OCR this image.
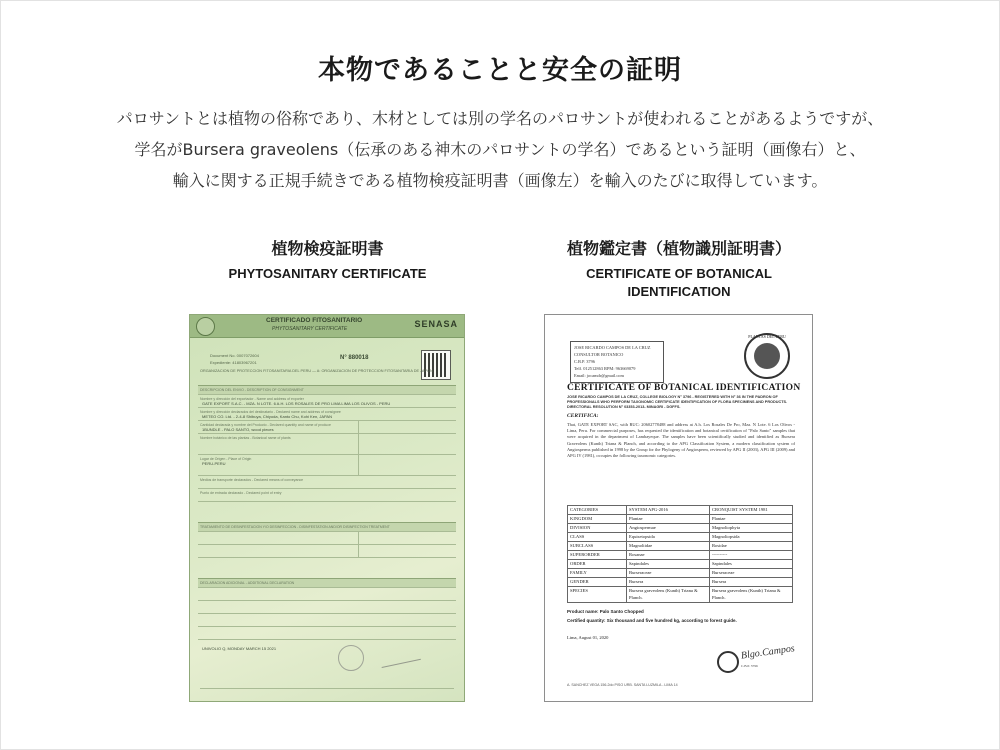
本物であることと安全の証明
パロサントとは植物の俗称であり、木材としては別の学名のパロサントが使われることがあるようですが、
学名がBursera graveolens（伝承のある神木のパロサントの学名）であるという証明（画像右）と、
輸入に関する正規手続きである植物検疫証明書（画像左）を輸入のたびに取得しています。
植物検疫証明書
PHYTOSANITARY CERTIFICATE
植物鑑定書（植物識別証明書）
CERTIFICATE OF BOTANICAL IDENTIFICATION
CERTIFICADO FITOSANITARIO
PHYTOSANITARY CERTIFICATE	SENASA
Document No. 0007072604
Expediente: 41803967201
N° 880018
ORGANIZACION DE PROTECCION FITOSANITARIA DEL PERU — A: ORGANIZACION DE PROTECCION FITOSANITARIA DE JAPON
DESCRIPCION DEL ENVIO - DESCRIPTION OF CONSIGNMENT
Nombre y dirección del exportador - Name and address of exporter
GATE EXPORT S.A.C. - MZA. N LOTE. 6 A.H. LOS ROSALES DE PRO LIMA LIMA LOS OLIVOS - PERU
Nombre y dirección declarados del destinatario - Declared name and address of consignee
METEO CO. Ltd. - 2-4-8 Shibuya, Chiyoda, Kanto Chu, Kohi Ken, JAPAN
Cantidad declarada y nombre del Producto - Declared quantity and name of produce
1BUNDLE - PALO SANTO, wood pieces
Nombre botánico de las plantas - Botanical name of plants
Lugar de Origen - Place of Origin
PERU-PERU
Medios de transporte declarados - Declared means of conveyance
Punto de entrada declarado - Declared point of entry
TRATAMIENTO DE DESINFESTACION Y/O DESINFECCION - DISINFESTATION AND/OR DISINFECTION TREATMENT
DECLARACION ADICIONAL - ADDITIONAL DECLARATION
UNIVOLIO Q, MONDAY MARCH 15 2021
JOSE RICARDO CAMPOS DE LA CRUZ
CONSULTOR BOTANICO
C.B.P. 3796
Telf. 012512863 RPM: 963669079
Email: jocamdr@gmail.com
PLANTAS DEL PERU
CERTIFICATE OF BOTANICAL IDENTIFICATION
JOSE RICARDO CAMPOS DE LA CRUZ, COLLEGE BIOLOGY N° 3796 - REGISTERED WITH N° 36 IN THE PADRON OF PROFESSIONALS WHO PERFORM TAXONOMIC CERTIFICATE IDENTIFICATION OF FLORA SPECIMENS AND PRODUCTS. DIRECTORAL RESOLUTION N° 03353-2013- MINAGRI - DGFFS.
CERTIFICA:
That, GATE EXPORT SAC, with RUC: 20602778488 and address at A.h. Los Rosales De Pro, Mza. N Lote. 6 Los Olivos - Lima, Peru. For commercial purposes, has requested the identification and botanical certification of "Palo Santo" samples that were acquired in the department of Lambayeque. The samples have been scientifically studied and identified as Bursera Graveolens (Kunth) Triana & Planch, and according to the APG Classification System, a modern classification system of Angiosperms published in 1998 by the Group for the Phylogeny of Angiosperm, reviewed by APG II (2003), APG III (2009) and APG IV (1981), occupies the following taxonomic categories.
CATEGORIES	SYSTEM APG-2016	CRONQUIST SYSTEM 1981
KINGDOM	Plantae	Plantae
DIVISION	Angiospermae	Magnoliophyta
CLASS	Equisetopsida	Magnoliopsida
SUBCLASS	Magnoliidae	Rosidae
SUPERORDER	Rosanae	----------
ORDER	Sapindales	Sapindales
FAMILY	Burseraceae	Burseraceae
GENDER	Bursera	Bursera
SPECIES	Bursera graveolens (Kunth) Triana & Planch.	Bursera graveolens (Kunth) Triana & Planch.
Product name: Palo Santo Chopped
Certified quantity: Six thousand and five hundred kg, according to forest guide.
Lima, August 01, 2020
Blgo.Campos
C.B.P. 3796
A. SANCHEZ VEGA 156-2do PISO URB. SANTA LUZMILA - LIMA 14
